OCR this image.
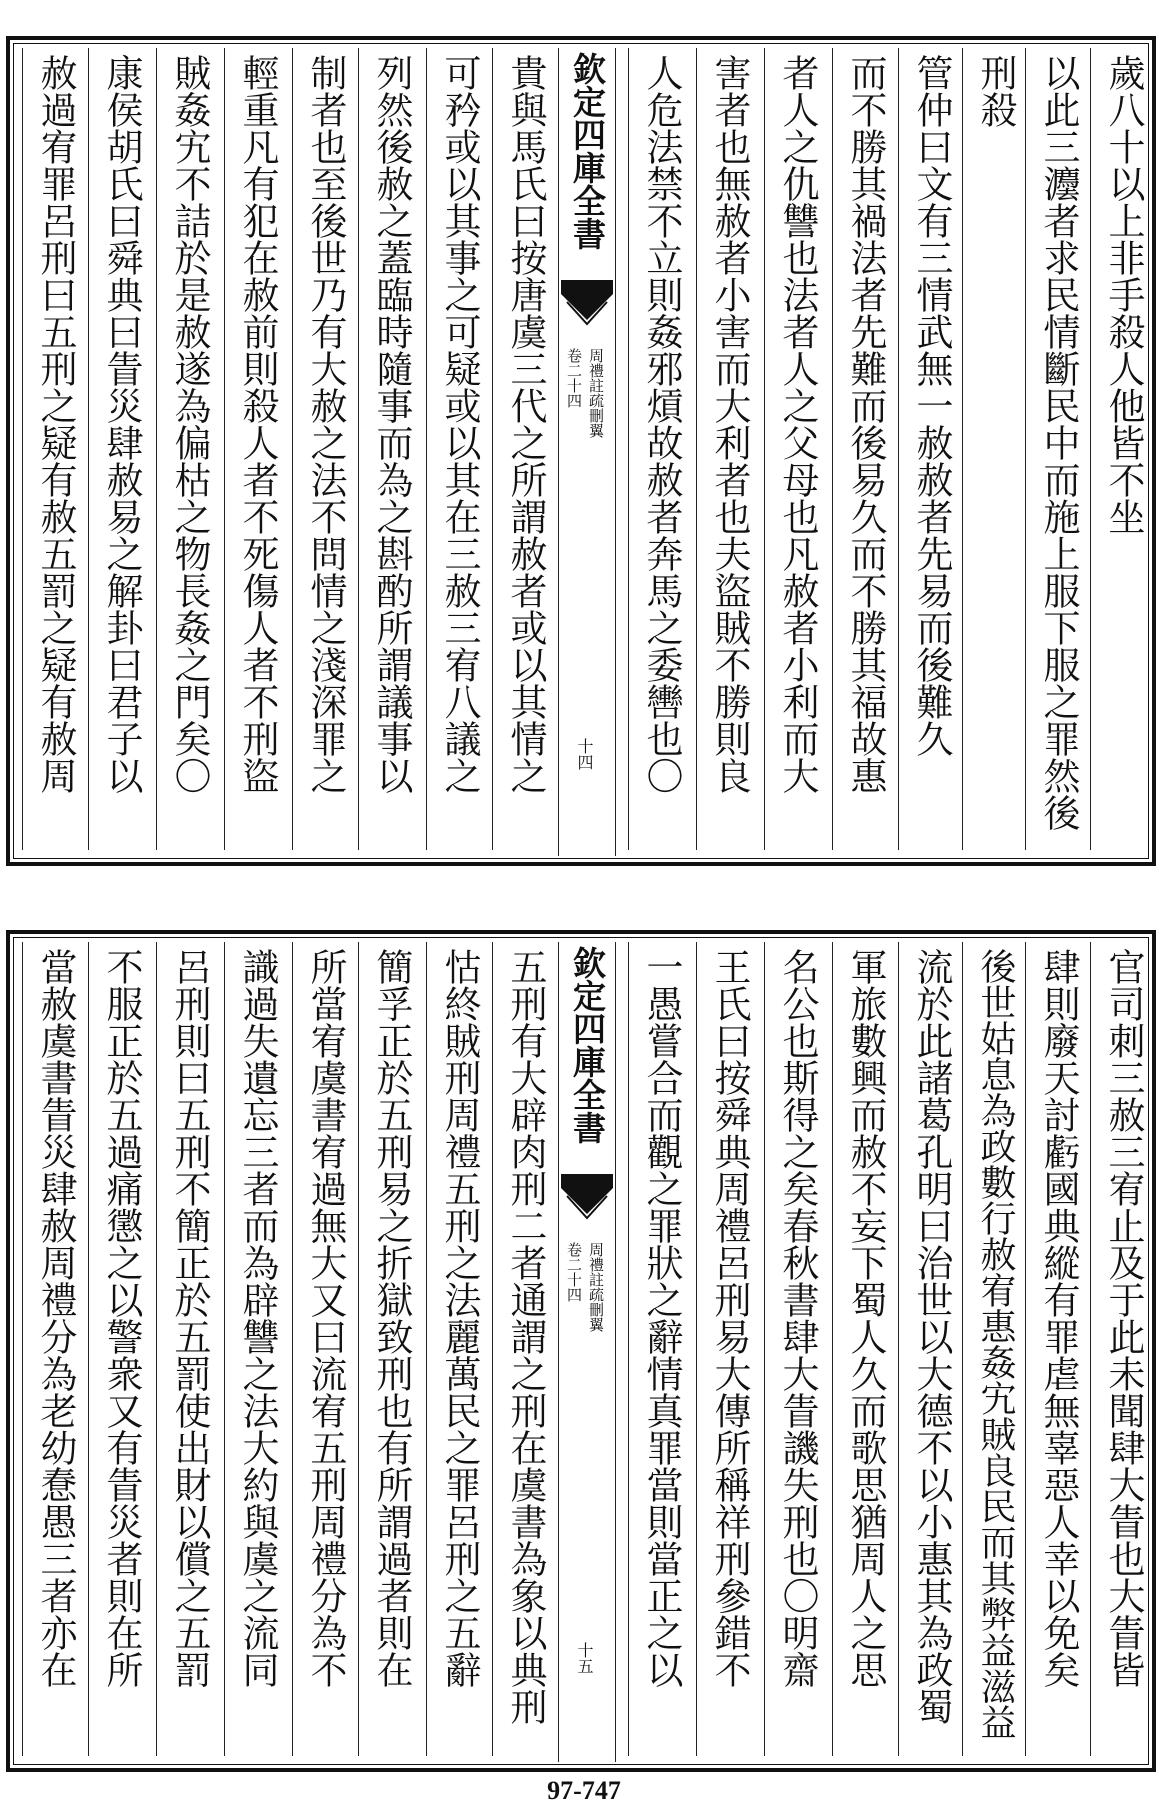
歲八十以上非手殺人他皆不坐
以此三灋者求民情斷民中而施上服下服之罪然後
刑殺
管仲曰文有三情武無一赦赦者先易而後難久
而不勝其禍法者先難而後易久而不勝其福故惠
者人之仇讐也法者人之父母也凡赦者小利而大
害者也無赦者小害而大利者也夫盜賊不勝則良
人危法禁不立則姦邪熕故赦者奔馬之委轡也〇
欽定四庫全書
周禮註疏刪翼
卷二十四
十四
貴與馬氏曰按唐虞三代之所謂赦者或以其情之
可矜或以其事之可疑或以其在三赦三宥八議之
列然後赦之蓋臨時隨事而為之斟酌所謂議事以
制者也至後世乃有大赦之法不問情之淺深罪之
輕重凡有犯在赦前則殺人者不死傷人者不刑盜
賊姦宄不詰於是赦遂為偏枯之物長姦之門矣〇
康侯胡氏曰舜典曰眚災肆赦易之解卦曰君子以
赦過宥罪呂刑曰五刑之疑有赦五罰之疑有赦周
官司刺三赦三宥止及于此未聞肆大眚也大眚皆
肆則廢天討虧國典縱有罪虐無辜惡人幸以免矣
後世姑息為政數行赦宥惠姦宄賊良民而其弊益滋益
流於此諸葛孔明曰治世以大德不以小惠其為政蜀
軍旅數興而赦不妄下蜀人久而歌思猶周人之思
名公也斯得之矣春秋書肆大眚譏失刑也〇明齋
王氏曰按舜典周禮呂刑易大傳所稱祥刑參錯不
一愚嘗合而觀之罪狀之辭情真罪當則當正之以
欽定四庫全書
周禮註疏刪翼
卷二十四
十五
五刑有大辟肉刑二者通謂之刑在虞書為象以典刑
怙終賊刑周禮五刑之法麗萬民之罪呂刑之五辭
簡孚正於五刑易之折獄致刑也有所謂過者則在
所當宥虞書宥過無大又曰流宥五刑周禮分為不
識過失遺忘三者而為辟讐之法大約與虞之流同
呂刑則曰五刑不簡正於五罰使出財以償之五罰
不服正於五過痛懲之以警衆又有眚災者則在所
當赦虞書眚災肆赦周禮分為老幼惷愚三者亦在
97-747
